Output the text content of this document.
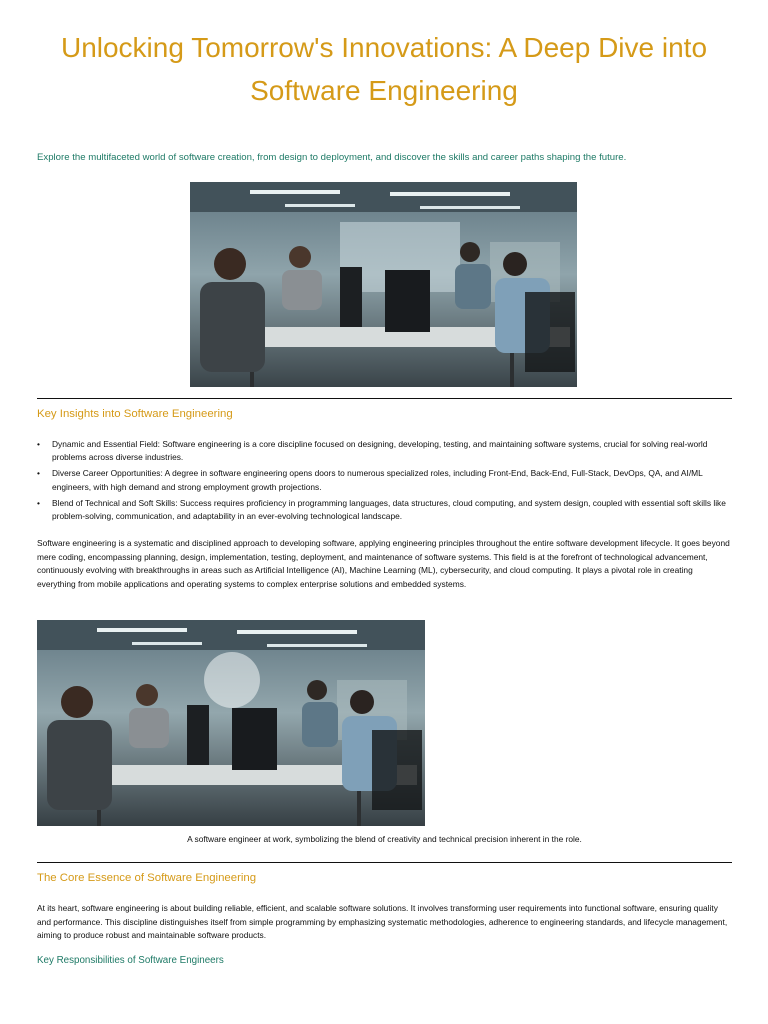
Unlocking Tomorrow's Innovations: A Deep Dive into Software Engineering

Explore the multifaceted world of software creation, from design to deployment, and discover the skills and career paths shaping the future.

Key Insights into Software Engineering
• Dynamic and Essential Field: Software engineering is a core discipline focused on designing, developing, testing, and maintaining software systems, crucial for solving real-world problems across diverse industries.
• Diverse Career Opportunities: A degree in software engineering opens doors to numerous specialized roles, including Front-End, Back-End, Full-Stack, DevOps, QA, and AI/ML engineers, with high demand and strong employment growth projections.
• Blend of Technical and Soft Skills: Success requires proficiency in programming languages, data structures, cloud computing, and system design, coupled with essential soft skills like problem-solving, communication, and adaptability in an ever-evolving technological landscape.

Software engineering is a systematic and disciplined approach to developing software, applying engineering principles throughout the entire software development lifecycle. It goes beyond mere coding, encompassing planning, design, implementation, testing, deployment, and maintenance of software systems. This field is at the forefront of technological advancement, continuously evolving with breakthroughs in areas such as Artificial Intelligence (AI), Machine Learning (ML), cybersecurity, and cloud computing. It plays a pivotal role in creating everything from mobile applications and operating systems to complex enterprise solutions and embedded systems.

A software engineer at work, symbolizing the blend of creativity and technical precision inherent in the role.

The Core Essence of Software Engineering

At its heart, software engineering is about building reliable, efficient, and scalable software solutions. It involves transforming user requirements into functional software, ensuring quality and performance. This discipline distinguishes itself from simple programming by emphasizing systematic methodologies, adherence to engineering standards, and lifecycle management, aiming to produce robust and maintainable software products.

Key Responsibilities of Software Engineers
